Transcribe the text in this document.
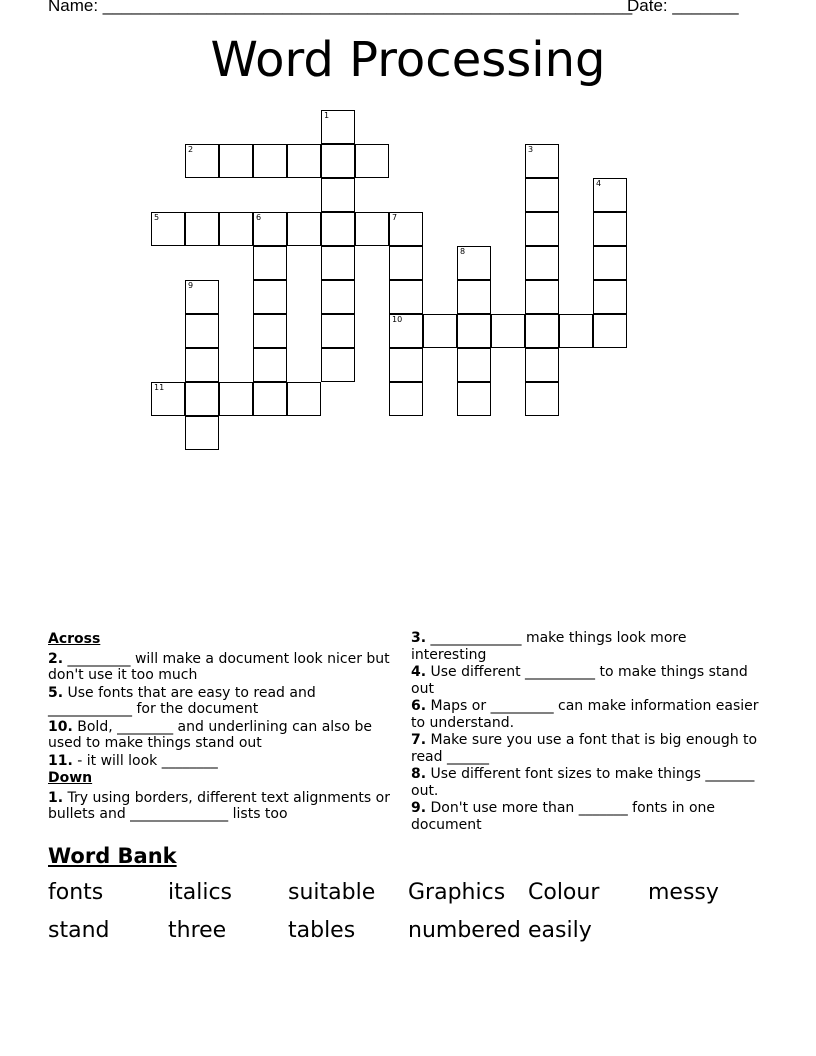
Name: ________________________________________________________
Date: _______
Word Processing
1
2	3
4
5	6	7
8
9
10
11
Across
2. _________ will make a document look nicer but don't use it too much
5. Use fonts that are easy to read and ____________ for the document
10. Bold, ________ and underlining can also be used to make things stand out
11. - it will look ________
Down
1. Try using borders, different text alignments or bullets and ______________ lists too
3. _____________ make things look more interesting
4. Use different __________ to make things stand out
6. Maps or _________ can make information easier to understand.
7. Make sure you use a font that is big enough to read ______
8. Use different font sizes to make things _______ out.
9. Don't use more than _______ fonts in one document
Word Bank
fonts	italics	suitable Graphics Colour messy
stand	three	tables numbered easily
